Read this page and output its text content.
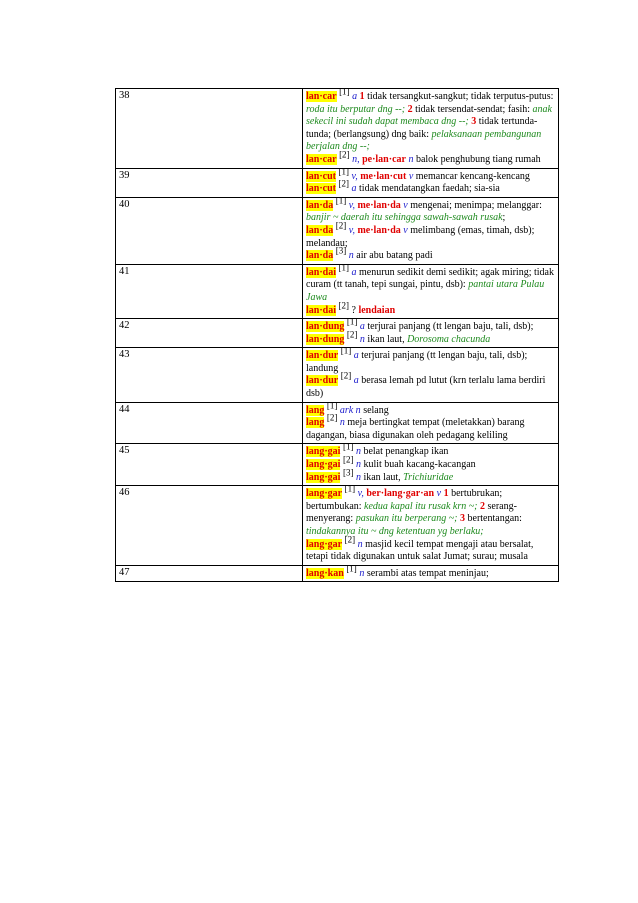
38	lan·car [1] a 1 tidak tersangkut-sangkut; tidak terputus-putus: roda itu berputar dng --; 2 tidak tersendat-sendat; fasih: anak sekecil ini sudah dapat membaca dng --; 3 tidak tertunda-tunda; (berlangsung) dng baik: pelaksanaan pembangunan berjalan dng --;
lan·car [2] n, pe·lan·car n balok penghubung tiang rumah

39	lan·cut [1] v, me·lan·cut v memancar kencang-kencang
lan·cut [2] a tidak mendatangkan faedah; sia-sia

40	lan·da [1] v, me·lan·da v mengenai; menimpa; melanggar: banjir ~ daerah itu sehingga sawah-sawah rusak;
lan·da [2] v, me·lan·da v melimbang (emas, timah, dsb); melandau;
lan·da [3] n air abu batang padi

41	lan·dai [1] a menurun sedikit demi sedikit; agak miring; tidak curam (tt tanah, tepi sungai, pintu, dsb): pantai utara Pulau Jawa
lan·dai [2] ? lendaian

42	lan·dung [1] a terjurai panjang (tt lengan baju, tali, dsb);
lan·dung [2] n ikan laut, Dorosoma chacunda

43	lan·dur [1] a terjurai panjang (tt lengan baju, tali, dsb); landung
lan·dur [2] a berasa lemah pd lutut (krn terlalu lama berdiri dsb)

44	lang [1] ark n selang
lang [2] n meja bertingkat tempat (meletakkan) barang dagangan, biasa digunakan oleh pedagang keliling

45	lang·gai [1] n belat penangkap ikan
lang·gai [2] n kulit buah kacang-kacangan
lang·gai [3] n ikan laut, Trichiuridae

46	lang·gar [1] v, ber·lang·gar·an v 1 bertubrukan; bertumbukan: kedua kapal itu rusak krn ~; 2 serang-menyerang: pasukan itu berperang ~; 3 bertentangan: tindakannya itu ~ dng ketentuan yg berlaku;
lang·gar [2] n masjid kecil tempat mengaji atau bersalat, tetapi tidak digunakan untuk salat Jumat; surau; musala

47	lang·kan [1] n serambi atas tempat meninjau;
